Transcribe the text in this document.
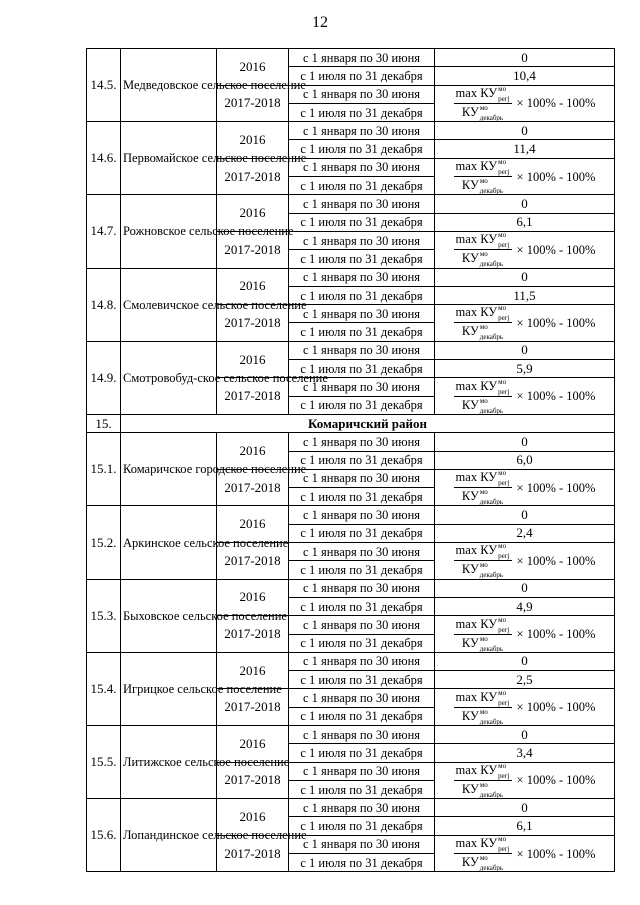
12
14.5.	Медведовское сельское поселение	2016	с 1 января по 30 июня	0
			с 1 июля по 31 декабря	10,4
		2017-2018	с 1 января по 30 июня	$\frac{\max КУ^{мо}_{регj}}{КУ^{мо}_{декабрь}} \times 100\% - 100\%$

			с 1 июля по 31 декабря	
14.6.	Первомайское сельское поселение	2016	с 1 января по 30 июня	0
			с 1 июля по 31 декабря	11,4
		2017-2018	с 1 января по 30 июня	$\frac{\max КУ^{мо}_{регj}}{КУ^{мо}_{декабрь}} \times 100\% - 100\%$

			с 1 июля по 31 декабря	
14.7.	Рожновское сельское поселение	2016	с 1 января по 30 июня	0
			с 1 июля по 31 декабря	6,1
		2017-2018	с 1 января по 30 июня	$\frac{\max КУ^{мо}_{регj}}{КУ^{мо}_{декабрь}} \times 100\% - 100\%$

			с 1 июля по 31 декабря	
14.8.	Смолевичское сельское поселение	2016	с 1 января по 30 июня	0
			с 1 июля по 31 декабря	11,5
		2017-2018	с 1 января по 30 июня	$\frac{\max КУ^{мо}_{регj}}{КУ^{мо}_{декабрь}} \times 100\% - 100\%$

			с 1 июля по 31 декабря	
14.9.	Смотровобуд-ское сельское поселение	2016	с 1 января по 30 июня	0
			с 1 июля по 31 декабря	5,9
		2017-2018	с 1 января по 30 июня	$\frac{\max КУ^{мо}_{регj}}{КУ^{мо}_{декабрь}} \times 100\% - 100\%$

			с 1 июля по 31 декабря	
15.	Комаричский район			
15.1.	Комаричское городское поселение	2016	с 1 января по 30 июня	0
			с 1 июля по 31 декабря	6,0
		2017-2018	с 1 января по 30 июня	$\frac{\max КУ^{мо}_{регj}}{КУ^{мо}_{декабрь}} \times 100\% - 100\%$

			с 1 июля по 31 декабря	
15.2.	Аркинское сельское поселение	2016	с 1 января по 30 июня	0
			с 1 июля по 31 декабря	2,4
		2017-2018	с 1 января по 30 июня	$\frac{\max КУ^{мо}_{регj}}{КУ^{мо}_{декабрь}} \times 100\% - 100\%$

			с 1 июля по 31 декабря	
15.3.	Быховское сельское поселение	2016	с 1 января по 30 июня	0
			с 1 июля по 31 декабря	4,9
		2017-2018	с 1 января по 30 июня	$\frac{\max КУ^{мо}_{регj}}{КУ^{мо}_{декабрь}} \times 100\% - 100\%$

			с 1 июля по 31 декабря	
15.4.	Игрицкое сельское поселение	2016	с 1 января по 30 июня	0
			с 1 июля по 31 декабря	2,5
		2017-2018	с 1 января по 30 июня	$\frac{\max КУ^{мо}_{регj}}{КУ^{мо}_{декабрь}} \times 100\% - 100\%$

			с 1 июля по 31 декабря	
15.5.	Литижское сельское поселение	2016	с 1 января по 30 июня	0
			с 1 июля по 31 декабря	3,4
		2017-2018	с 1 января по 30 июня	$\frac{\max КУ^{мо}_{регj}}{КУ^{мо}_{декабрь}} \times 100\% - 100\%$

			с 1 июля по 31 декабря	
15.6.	Лопандинское сельское поселение	2016	с 1 января по 30 июня	0
			с 1 июля по 31 декабря	6,1
		2017-2018	с 1 января по 30 июня	$\frac{\max КУ^{мо}_{регj}}{КУ^{мо}_{декабрь}} \times 100\% - 100\%$

			с 1 июля по 31 декабря	
